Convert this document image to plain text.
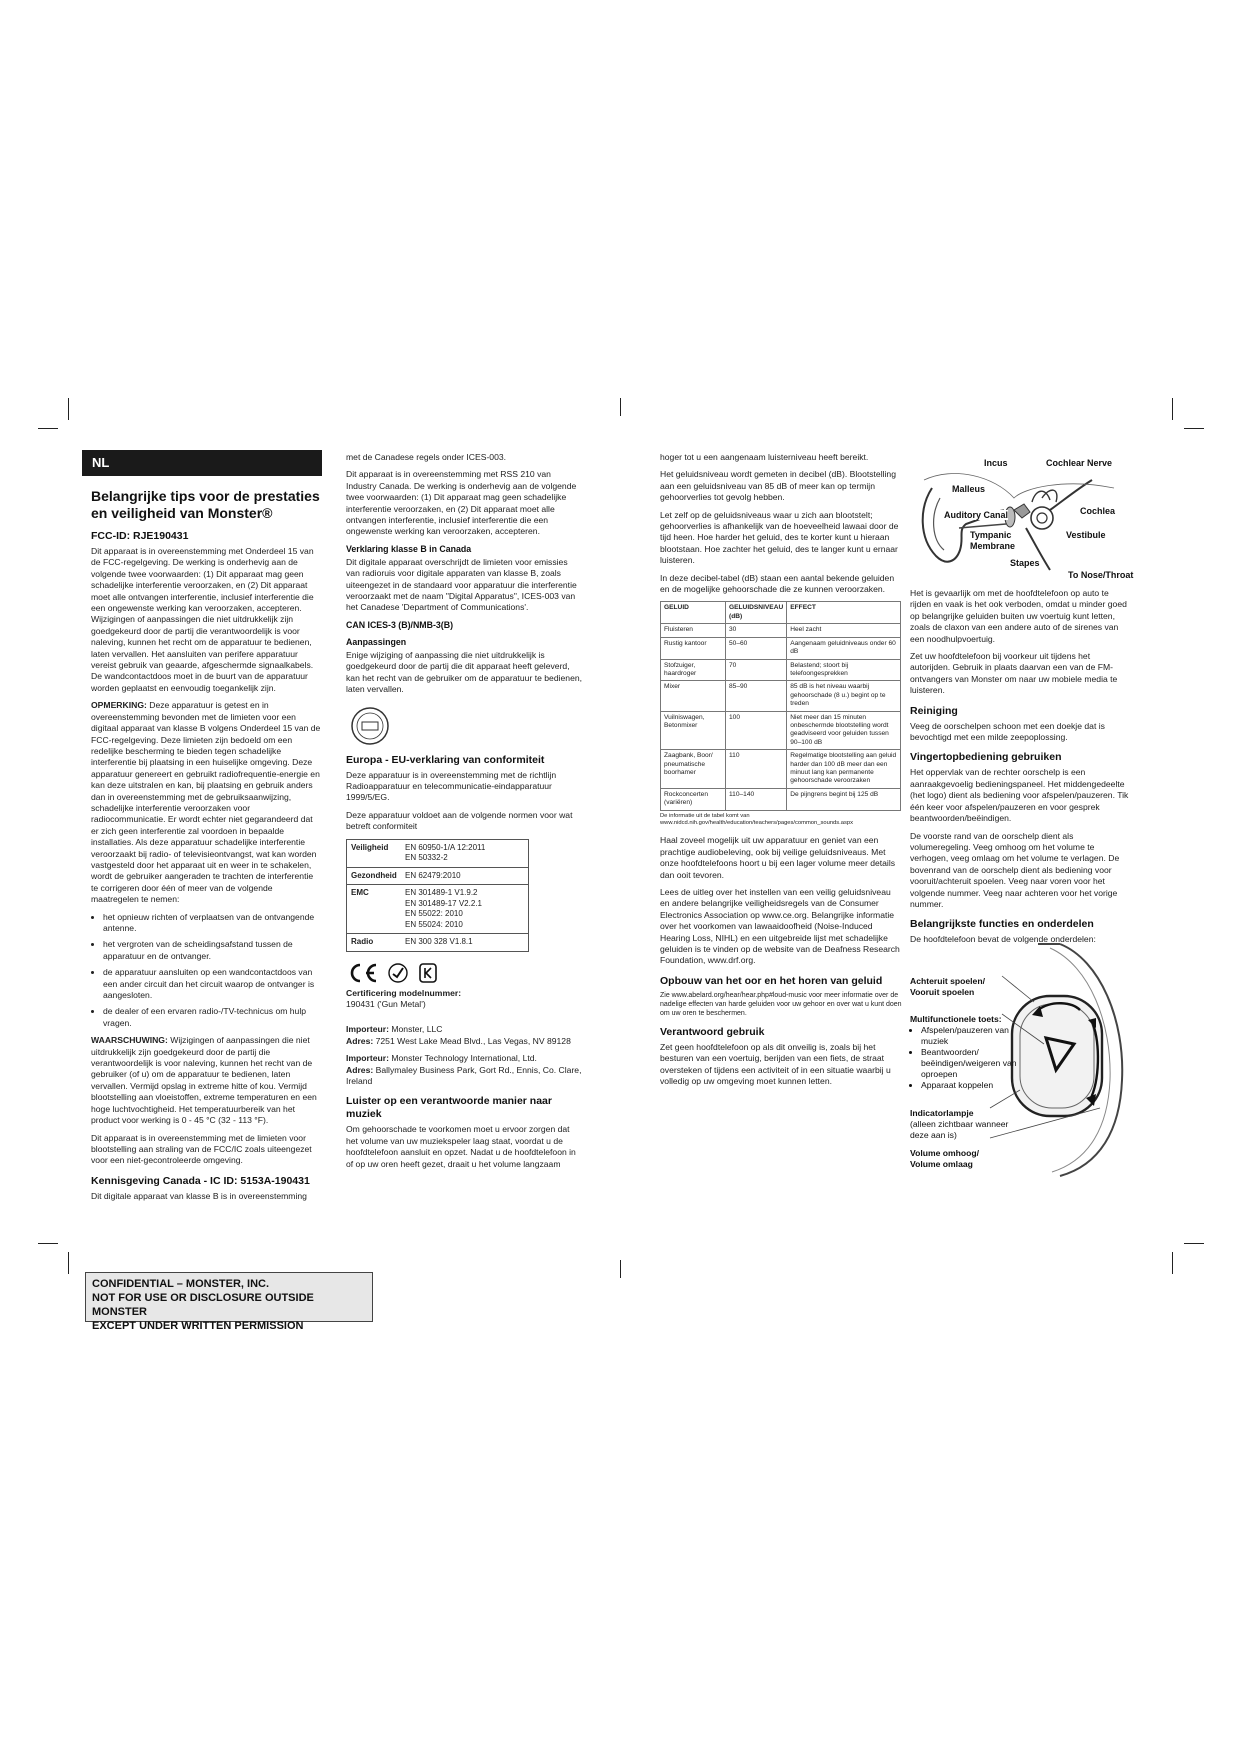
NL
Belangrijke tips voor de prestaties en veiligheid van Monster®
FCC-ID: RJE190431

Dit apparaat is in overeenstemming met Onderdeel 15 van de FCC-regelgeving. De werking is onderhevig aan de volgende twee voorwaarden: (1) Dit apparaat mag geen schadelijke interferentie veroorzaken, en (2) Dit apparaat moet alle ontvangen interferentie, inclusief interferentie die een ongewenste werking kan veroorzaken, accepteren. Wijzigingen of aanpassingen die niet uitdrukkelijk zijn goedgekeurd door de partij die verantwoordelijk is voor naleving, kunnen het recht om de apparatuur te bedienen, laten vervallen. Het aansluiten van perifere apparatuur vereist gebruik van geaarde, afgeschermde signaalkabels. De wandcontactdoos moet in de buurt van de apparatuur worden geplaatst en eenvoudig toegankelijk zijn.

OPMERKING: Deze apparatuur is getest en in overeenstemming bevonden met de limieten voor een digitaal apparaat van klasse B volgens Onderdeel 15 van de FCC-regelgeving. Deze limieten zijn bedoeld om een redelijke bescherming te bieden tegen schadelijke interferentie bij plaatsing in een huiselijke omgeving. Deze apparatuur genereert en gebruikt radiofrequentie-energie en kan deze uitstralen en kan, bij plaatsing en gebruik anders dan in overeenstemming met de gebruiksaanwijzing, schadelijke interferentie veroorzaken voor radiocommunicatie. Er wordt echter niet gegarandeerd dat er zich geen interferentie zal voordoen in bepaalde installaties. Als deze apparatuur schadelijke interferentie veroorzaakt bij radio- of televisieontvangst, wat kan worden vastgesteld door het apparaat uit en weer in te schakelen, wordt de gebruiker aangeraden te trachten de interferentie te corrigeren door één of meer van de volgende maatregelen te nemen:

• het opnieuw richten of verplaatsen van de ontvangende antenne.
• het vergroten van de scheidingsafstand tussen de apparatuur en de ontvanger.
• de apparatuur aansluiten op een wandcontactdoos van een ander circuit dan het circuit waarop de ontvanger is aangesloten.
• de dealer of een ervaren radio-/TV-technicus om hulp vragen.

WAARSCHUWING: Wijzigingen of aanpassingen die niet uitdrukkelijk zijn goedgekeurd door de partij die verantwoordelijk is voor naleving, kunnen het recht van de gebruiker (of u) om de apparatuur te bedienen, laten vervallen. Vermijd opslag in extreme hitte of kou. Vermijd blootstelling aan vloeistoffen, extreme temperaturen en een hoge luchtvochtigheid. Het temperatuurbereik van het product voor werking is 0 - 45 °C (32 - 113 °F).

Dit apparaat is in overeenstemming met de limieten voor blootstelling aan straling van de FCC/IC zoals uiteengezet voor een niet-gecontroleerde omgeving.

Kennisgeving Canada - IC ID: 5153A-190431

Dit digitale apparaat van klasse B is in overeenstemming

met de Canadese regels onder ICES-003.

Dit apparaat is in overeenstemming met RSS 210 van Industry Canada. De werking is onderhevig aan de volgende twee voorwaarden: (1) Dit apparaat mag geen schadelijke interferentie veroorzaken, en (2) Dit apparaat moet alle ontvangen interferentie, inclusief interferentie die een ongewenste werking kan veroorzaken, accepteren.

Verklaring klasse B in Canada

Dit digitale apparaat overschrijdt de limieten voor emissies van radioruis voor digitale apparaten van klasse B, zoals uiteengezet in de standaard voor apparatuur die interferentie veroorzaakt met de naam "Digital Apparatus", ICES-003 van het Canadese 'Department of Communications'.

CAN ICES-3 (B)/NMB-3(B)
Aanpassingen

Enige wijziging of aanpassing die niet uitdrukkelijk is goedgekeurd door de partij die dit apparaat heeft geleverd, kan het recht van de gebruiker om de apparatuur te bedienen, laten vervallen.

Europa - EU-verklaring van conformiteit

Deze apparatuur is in overeenstemming met de richtlijn Radioapparatuur en telecommunicatie-eindapparatuur 1999/5/EG.

Deze apparatuur voldoet aan de volgende normen voor wat betreft conformiteit

Veiligheid	EN 60950-1/A 12:2011
EN 50332-2
Gezondheid	EN 62479:2010
EMC	EN 301489-1 V1.9.2
EN 301489-17 V2.2.1
EN 55022: 2010
EN 55024: 2010
Radio	EN 300 328 V1.8.1

Certificering modelnummer:
190431 ('Gun Metal')

Importeur: Monster, LLC

Adres: 7251 West Lake Mead Blvd., Las Vegas, NV 89128

Importeur: Monster Technology International, Ltd.

Adres: Ballymaley Business Park, Gort Rd., Ennis, Co. Clare, Ireland

Luister op een verantwoorde manier naar muziek

Om gehoorschade te voorkomen moet u ervoor zorgen dat het volume van uw muziekspeler laag staat, voordat u de hoofdtelefoon aansluit en opzet. Nadat u de hoofdtelefoon in of op uw oren heeft gezet, draait u het volume langzaam

hoger tot u een aangenaam luisterniveau heeft bereikt.

Het geluidsniveau wordt gemeten in decibel (dB). Blootstelling aan een geluidsniveau van 85 dB of meer kan op termijn gehoorverlies tot gevolg hebben.

Let zelf op de geluidsniveaus waar u zich aan blootstelt; gehoorverlies is afhankelijk van de hoeveelheid lawaai door de tijd heen. Hoe harder het geluid, des te korter kunt u hieraan blootstaan. Hoe zachter het geluid, des te langer kunt u ernaar luisteren.

In deze decibel-tabel (dB) staan een aantal bekende geluiden en de mogelijke gehoorschade die ze kunnen veroorzaken.

GELUID	GELUIDSNIVEAU (dB)	EFFECT
Fluisteren	30	Heel zacht
Rustig kantoor	50–60	Aangenaam geluidniveaus onder 60 dB
Stofzuiger, haardroger	70	Belastend; stoort bij telefoongesprekken
Mixer	85–90	85 dB is het niveau waarbij gehoorschade (8 u.) begint op te treden
Vuilniswagen, Betonmixer	100	Niet meer dan 15 minuten onbeschermde blootstelling wordt geadviseerd voor geluiden tussen 90–100 dB
Zaagbank, Boor/ pneumatische boorhamer	110	Regelmatige blootstelling aan geluid harder dan 100 dB meer dan een minuut lang kan permanente gehoorschade veroorzaken
Rockconcerten (variëren)	110–140	De pijngrens begint bij 125 dB
De informatie uit de tabel komt van www.nidcd.nih.gov/health/education/teachers/pages/common_sounds.aspx

Haal zoveel mogelijk uit uw apparatuur en geniet van een prachtige audiobeleving, ook bij veilige geluidsniveaus. Met onze hoofdtelefoons hoort u bij een lager volume meer details dan ooit tevoren.

Lees de uitleg over het instellen van een veilig geluidsniveau en andere belangrijke veiligheidsregels van de Consumer Electronics Association op www.ce.org. Belangrijke informatie over het voorkomen van lawaaidoofheid (Noise-Induced Hearing Loss, NIHL) en een uitgebreide lijst met schadelijke geluiden is te vinden op de website van de Deafness Research Foundation, www.drf.org.

Opbouw van het oor en het horen van geluid

Zie www.abelard.org/hear/hear.php#loud-music voor meer informatie over de nadelige effecten van harde geluiden voor uw gehoor en over wat u kunt doen om uw oren te beschermen.

Verantwoord gebruik

Zet geen hoofdtelefoon op als dit onveilig is, zoals bij het besturen van een voertuig, berijden van een fiets, de straat oversteken of tijdens een activiteit of in een situatie waarbij u volledig op uw omgeving moet kunnen letten.

Incus	Cochlear Nerve
Malleus
Cochlea
Auditory Canal
Vestibule
Tympanic
Membrane
Stapes
To Nose/Throat

Het is gevaarlijk om met de hoofdtelefoon op auto te rijden en vaak is het ook verboden, omdat u minder goed op belangrijke geluiden buiten uw voertuig kunt letten, zoals de claxon van een andere auto of de sirenes van een noodhulpvoertuig.

Zet uw hoofdtelefoon bij voorkeur uit tijdens het autorijden. Gebruik in plaats daarvan een van de FM-ontvangers van Monster om naar uw mobiele media te luisteren.

Reiniging

Veeg de oorschelpen schoon met een doekje dat is bevochtigd met een milde zeepoplossing.

Vingertopbediening gebruiken

Het oppervlak van de rechter oorschelp is een aanraakgevoelig bedieningspaneel. Het middengedeelte (het logo) dient als bediening voor afspelen/pauzeren. Tik één keer voor afspelen/pauzeren en voor gesprek beantwoorden/beëindigen.

De voorste rand van de oorschelp dient als volumeregeling. Veeg omhoog om het volume te verhogen, veeg omlaag om het volume te verlagen. De bovenrand van de oorschelp dient als bediening voor vooruit/achteruit spoelen. Veeg naar voren voor het volgende nummer. Veeg naar achteren voor het vorige nummer.

Belangrijkste functies en onderdelen

De hoofdtelefoon bevat de volgende onderdelen:

Achteruit spoelen/
Vooruit spoelen
Multifunctionele toets:
• Afspelen/pauzeren van muziek
• Beantwoorden/ beëindigen/weigeren van oproepen
• Apparaat koppelen
Indicatorlampje
(alleen zichtbaar wanneer deze aan is)
Volume omhoog/
Volume omlaag
CONFIDENTIAL – MONSTER, INC.
NOT FOR USE OR DISCLOSURE OUTSIDE MONSTER
EXCEPT UNDER WRITTEN PERMISSION
